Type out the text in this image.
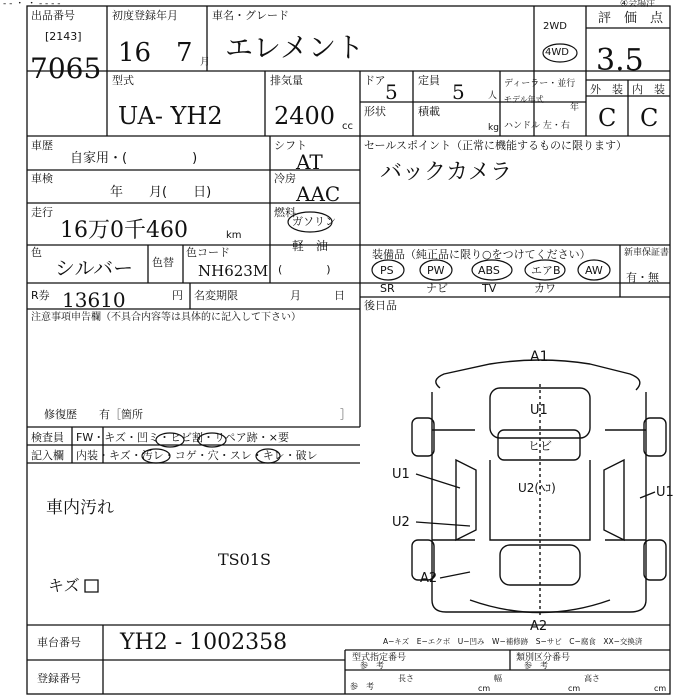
- - ・ ・ - - - -	④会場注
出品番号
[2143]
7065
初度登録年月
16 7 月
車名・グレード
エレメント
2WD
4WD
評　価　点
3.5
外　装 内　装
C C
型式
UA- YH2
排気量
2400 cc
ドア 5 定員 5	人
形状	積載
kg
ディーラー・並行
モデル年式
年
ハンドル 左・右
車歴
自家用・(　　　　　)
シフト
AT
セールスポイント（正常に機能するものに限ります）
バックカメラ
車検
年　　月(　　日)
冷房
AAC
走行
16万0千460	km
燃料
ガソリン
軽　油
(　　　　)
色
シルバー 色替
色コード
NH623M
装備品（純正品に限り○をつけてください）
PS	PW	ABS	エアB AW
SR	ナビ	TV	カワ
新車保証書
有・無
R券 13610	円 名変期限	月　　　日
注意事項申告欄（不具合内容等は具体的に記入して下さい）
修復歴　　有［箇所	］
後日品
検査員 FW・キズ・凹ミ・ヒビ割・リペア跡・×要
記入欄 内装・キズ・汚レ・コゲ・穴・スレ・キレ・破レ
車内汚れ
TS01S
キズ
A1
U1
ヒビ
U2(ﾍｺ)
U1
U2
A2
U1
A2
車台番号 YH2 - 1002358
登録番号
A−キズ　E−エクボ　U−凹み　W−補修跡　S−サビ　C−腐食　XX−交換済
型式指定番号
参　考
類別区分番号
参　考
参　考
長さ
cm
幅
cm
高さ
cm
